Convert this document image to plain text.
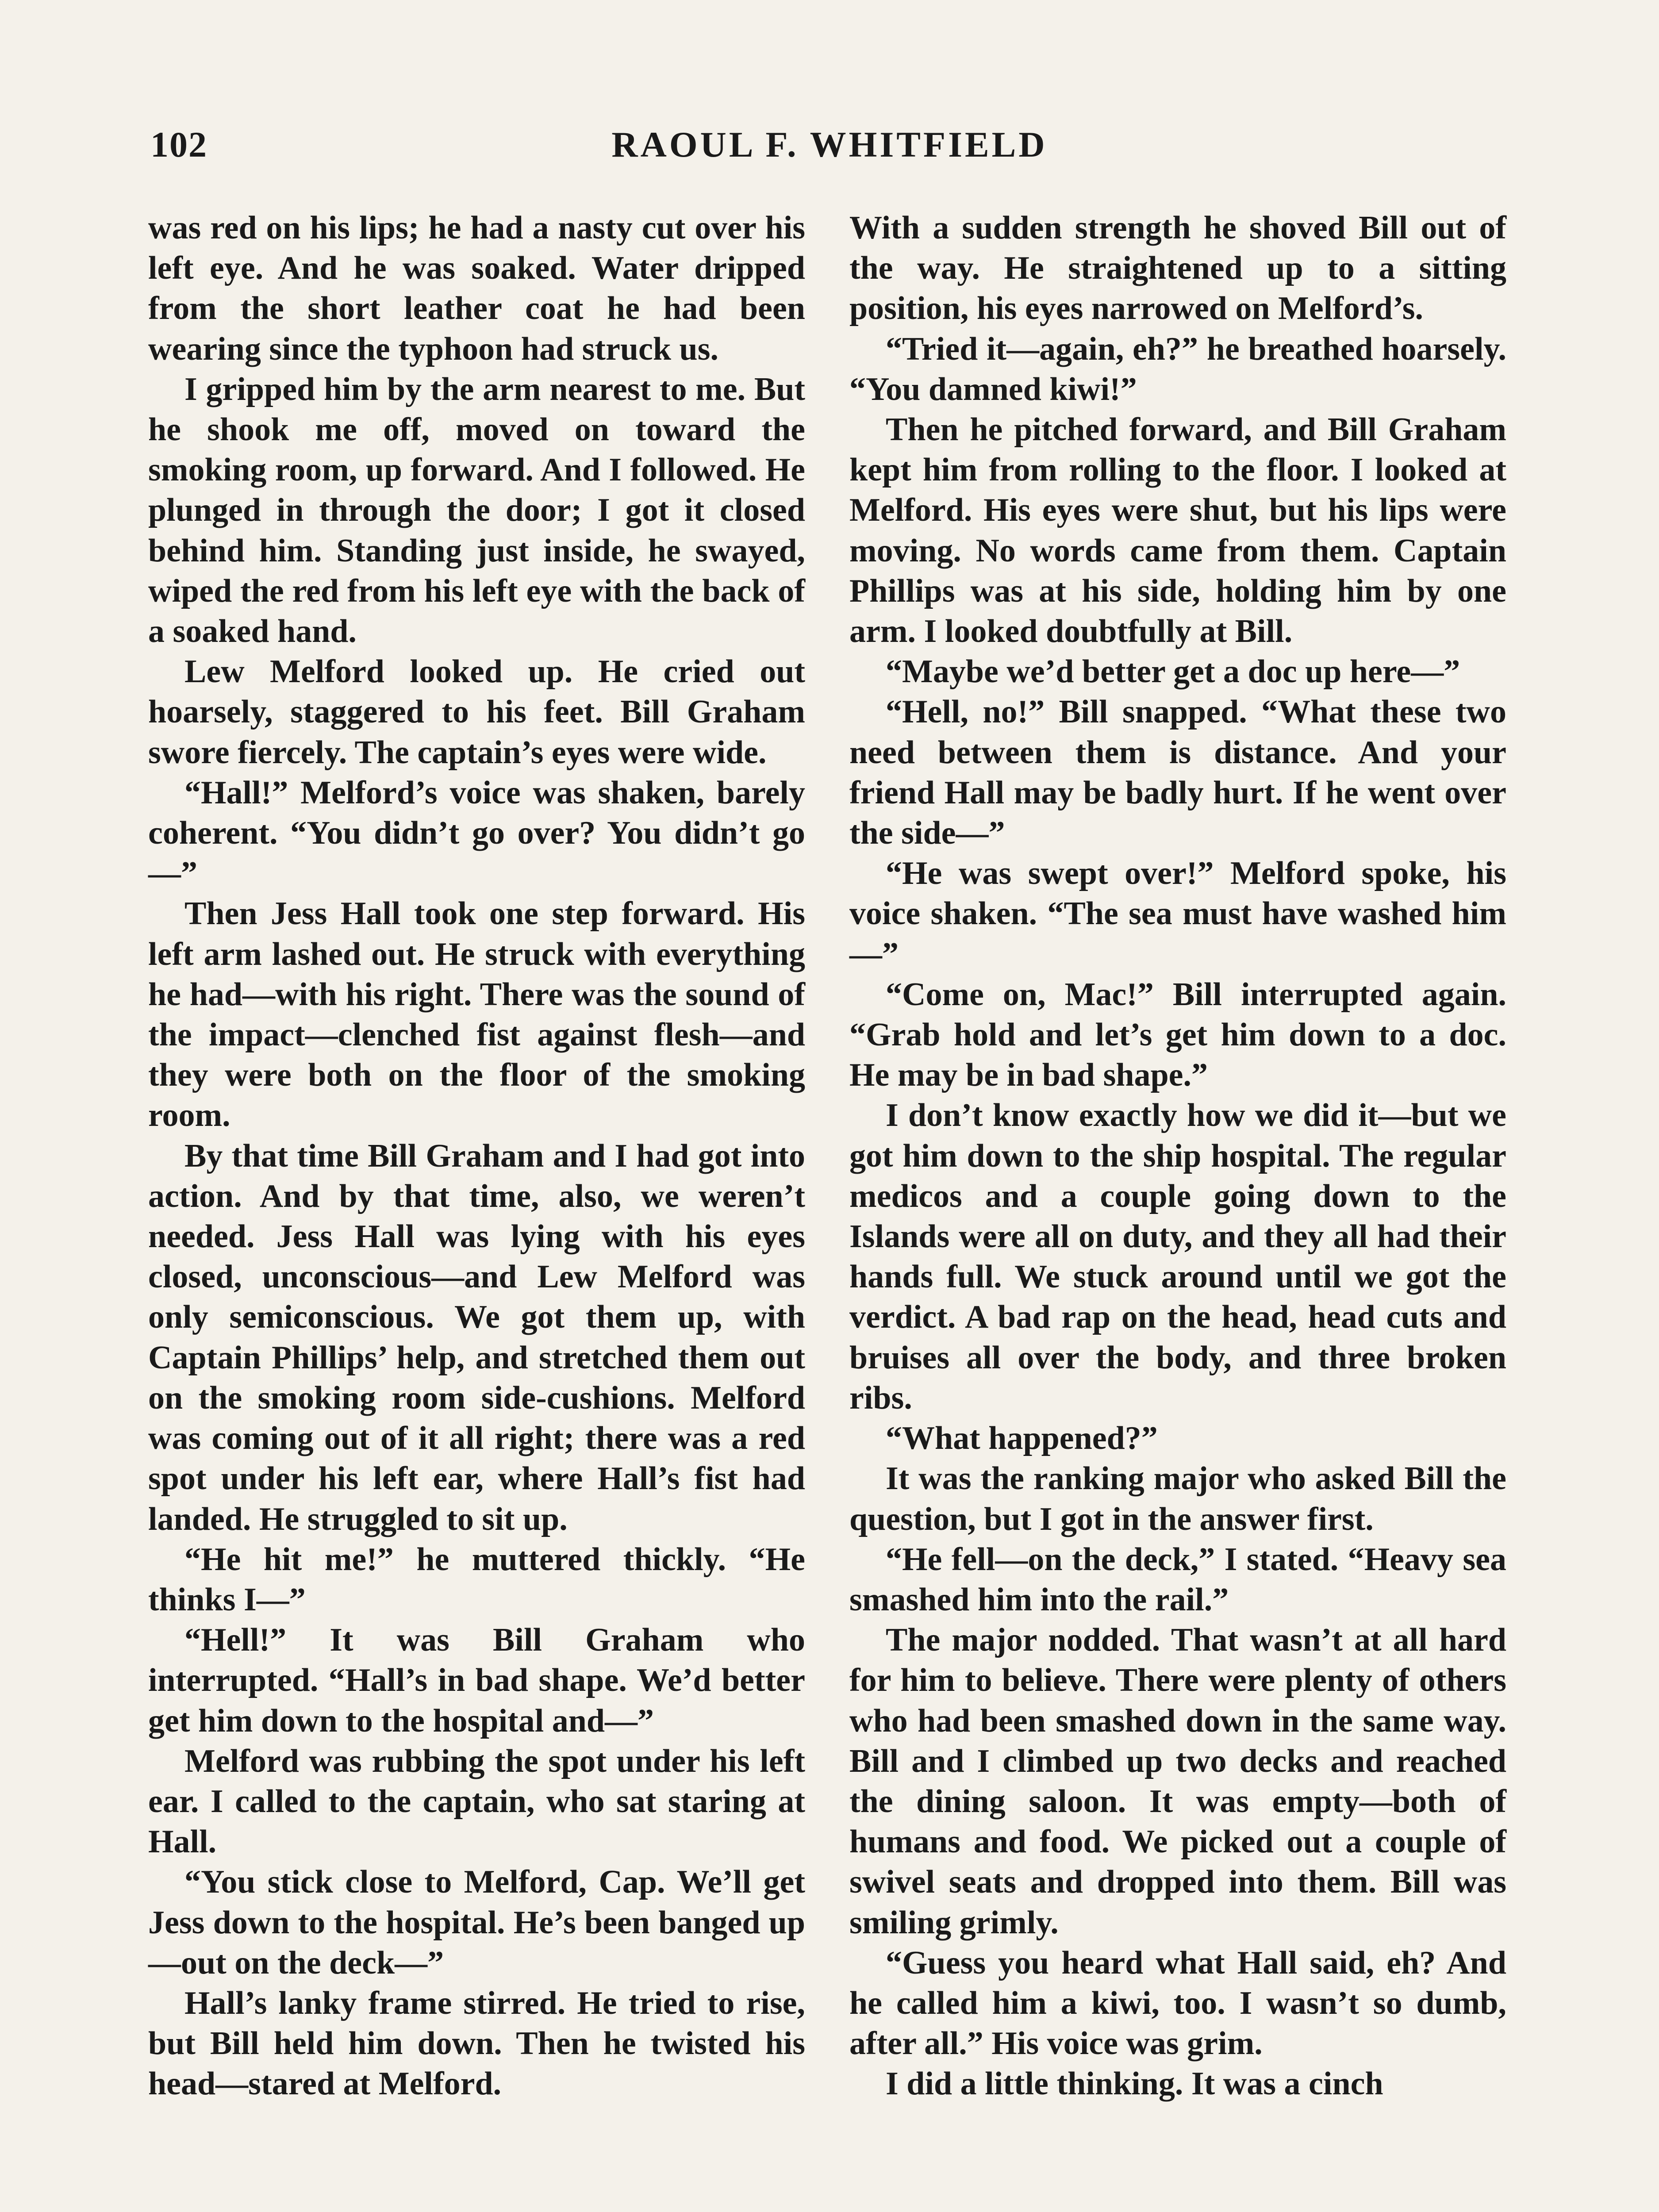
102	RAOUL F. WHITFIELD

was red on his lips; he had a nasty cut over his left eye. And he was soaked. Water dripped from the short leather coat he had been wearing since the typhoon had struck us.

I gripped him by the arm nearest to me. But he shook me off, moved on toward the smoking room, up forward. And I followed. He plunged in through the door; I got it closed behind him. Standing just inside, he swayed, wiped the red from his left eye with the back of a soaked hand.

Lew Melford looked up. He cried out hoarsely, staggered to his feet. Bill Graham swore fiercely. The captain’s eyes were wide.

“Hall!” Melford’s voice was shaken, barely coherent. “You didn’t go over? You didn’t go—”

Then Jess Hall took one step forward. His left arm lashed out. He struck with everything he had—with his right. There was the sound of the impact—clenched fist against flesh—and they were both on the floor of the smoking room.

By that time Bill Graham and I had got into action. And by that time, also, we weren’t needed. Jess Hall was lying with his eyes closed, unconscious—and Lew Melford was only semiconscious. We got them up, with Captain Phillips’ help, and stretched them out on the smoking room side-cushions. Melford was coming out of it all right; there was a red spot under his left ear, where Hall’s fist had landed. He struggled to sit up.

“He hit me!” he muttered thickly. “He thinks I—”

“Hell!” It was Bill Graham who interrupted. “Hall’s in bad shape. We’d better get him down to the hospital and—”

Melford was rubbing the spot under his left ear. I called to the captain, who sat staring at Hall.

“You stick close to Melford, Cap. We’ll get Jess down to the hospital. He’s been banged up—out on the deck—”

Hall’s lanky frame stirred. He tried to rise, but Bill held him down. Then he twisted his head—stared at Melford.

With a sudden strength he shoved Bill out of the way. He straightened up to a sitting position, his eyes narrowed on Melford’s.

“Tried it—again, eh?” he breathed hoarsely. “You damned kiwi!”

Then he pitched forward, and Bill Graham kept him from rolling to the floor. I looked at Melford. His eyes were shut, but his lips were moving. No words came from them. Captain Phillips was at his side, holding him by one arm. I looked doubtfully at Bill.

“Maybe we’d better get a doc up here—”

“Hell, no!” Bill snapped. “What these two need between them is distance. And your friend Hall may be badly hurt. If he went over the side—”

“He was swept over!” Melford spoke, his voice shaken. “The sea must have washed him—”

“Come on, Mac!” Bill interrupted again. “Grab hold and let’s get him down to a doc. He may be in bad shape.”

I don’t know exactly how we did it—but we got him down to the ship hospital. The regular medicos and a couple going down to the Islands were all on duty, and they all had their hands full. We stuck around until we got the verdict. A bad rap on the head, head cuts and bruises all over the body, and three broken ribs.

“What happened?”

It was the ranking major who asked Bill the question, but I got in the answer first.

“He fell—on the deck,” I stated. “Heavy sea smashed him into the rail.”

The major nodded. That wasn’t at all hard for him to believe. There were plenty of others who had been smashed down in the same way. Bill and I climbed up two decks and reached the dining saloon. It was empty—both of humans and food. We picked out a couple of swivel seats and dropped into them. Bill was smiling grimly.

“Guess you heard what Hall said, eh? And he called him a kiwi, too. I wasn’t so dumb, after all.” His voice was grim.

I did a little thinking. It was a cinch
